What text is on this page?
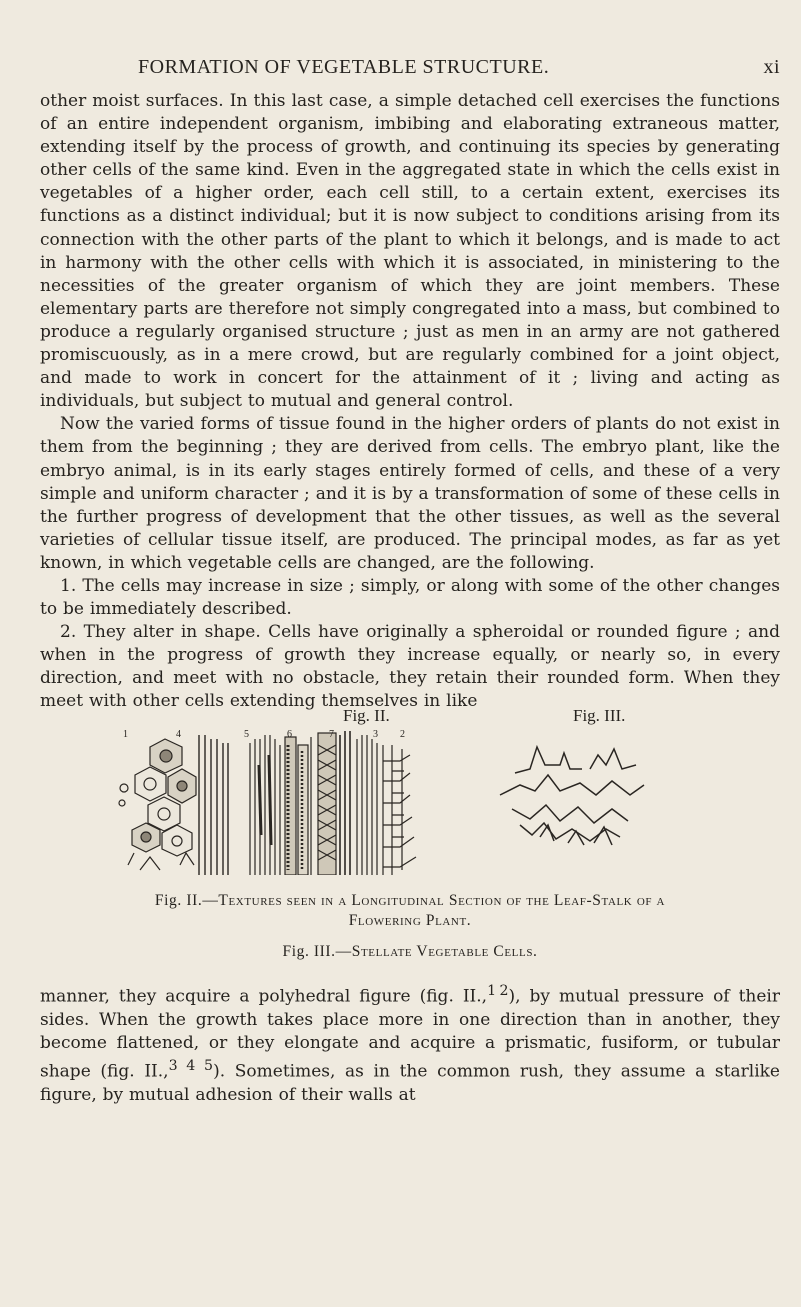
FORMATION OF VEGETABLE STRUCTURE.	xi

other moist surfaces. In this last case, a simple detached cell exercises the functions of an entire independent organism, imbibing and elaborating extraneous matter, extending itself by the process of growth, and continuing its species by generating other cells of the same kind. Even in the aggregated state in which the cells exist in vegetables of a higher order, each cell still, to a certain extent, exercises its functions as a distinct individual; but it is now subject to conditions arising from its connection with the other parts of the plant to which it belongs, and is made to act in harmony with the other cells with which it is associated, in ministering to the necessities of the greater organism of which they are joint members. These elementary parts are therefore not simply congregated into a mass, but combined to produce a regularly organised structure ; just as men in an army are not gathered promiscuously, as in a mere crowd, but are regularly combined for a joint object, and made to work in concert for the attainment of it ; living and acting as individuals, but subject to mutual and general control.

Now the varied forms of tissue found in the higher orders of plants do not exist in them from the beginning ; they are derived from cells. The embryo plant, like the embryo animal, is in its early stages entirely formed of cells, and these of a very simple and uniform character ; and it is by a transformation of some of these cells in the further progress of development that the other tissues, as well as the several varieties of cellular tissue itself, are produced. The principal modes, as far as yet known, in which vegetable cells are changed, are the following.

1. The cells may increase in size ; simply, or along with some of the other changes to be immediately described.

2. They alter in shape. Cells have originally a spheroidal or rounded figure ; and when in the progress of growth they increase equally, or nearly so, in every direction, and meet with no obstacle, they retain their rounded form. When they meet with other cells extending themselves in like

Fig. II.	Fig. III.
1	4	5	6	7	3 2
Fig. II.—Textures seen in a Longitudinal Section of the Leaf-Stalk of a
Flowering Plant.
Fig. III.—Stellate Vegetable Cells.

manner, they acquire a polyhedral figure (fig. II.,$^1$  $^2$), by mutual pressure of their sides. When the growth takes place more in one direction than in another, they become flattened, or they elongate and acquire a prismatic, fusiform, or tubular shape (fig. II.,$^{3 4 5}$). Sometimes, as in the common rush, they assume a starlike figure, by mutual adhesion of their walls at
